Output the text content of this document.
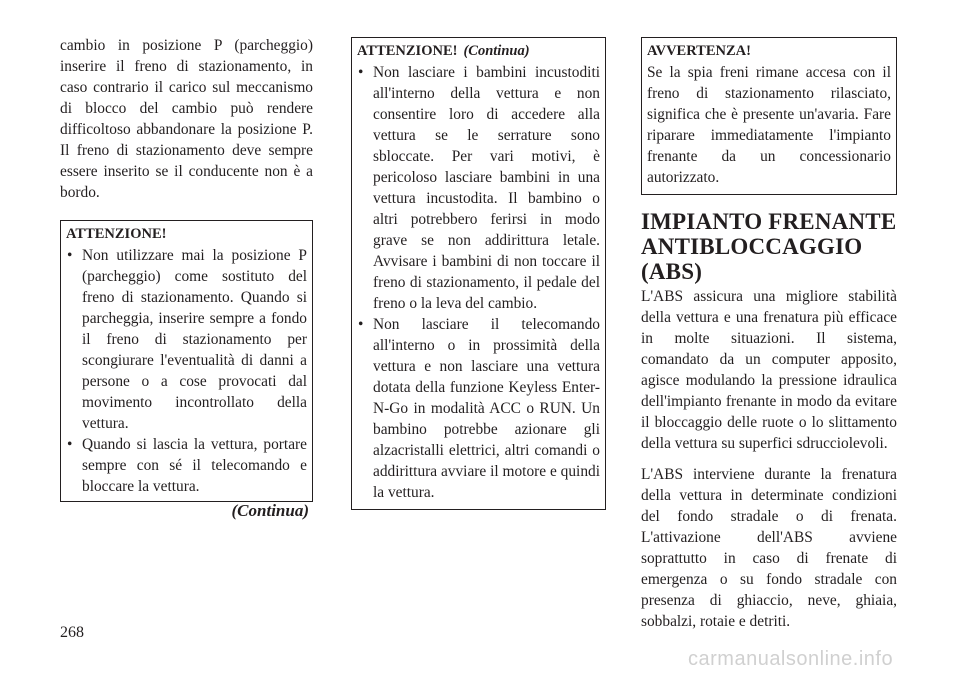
cambio in posizione P (parcheggio) inserire il freno di stazionamento, in caso contrario il carico sul meccanismo di blocco del cambio può rendere difficoltoso abbandonare la posizione P. Il freno di stazionamento deve sempre essere inserito se il conducente non è a bordo.

ATTENZIONE!
• Non utilizzare mai la posizione P (parcheggio) come sostituto del freno di stazionamento. Quando si parcheggia, inserire sempre a fondo il freno di stazionamento per scongiurare l'eventualità di danni a persone o a cose provocati dal movimento incontrollato della vettura.
• Quando si lascia la vettura, portare sempre con sé il telecomando e bloccare la vettura.
(Continua)
ATTENZIONE! (Continua)
• Non lasciare i bambini incustoditi all'interno della vettura e non consentire loro di accedere alla vettura se le serrature sono sbloccate. Per vari motivi, è pericoloso lasciare bambini in una vettura incustodita. Il bambino o altri potrebbero ferirsi in modo grave se non addirittura letale. Avvisare i bambini di non toccare il freno di stazionamento, il pedale del freno o la leva del cambio.
• Non lasciare il telecomando all'interno o in prossimità della vettura e non lasciare una vettura dotata della funzione Keyless Enter-N-Go in modalità ACC o RUN. Un bambino potrebbe azionare gli alzacristalli elettrici, altri comandi o addirittura avviare il motore e quindi la vettura.
AVVERTENZA!

Se la spia freni rimane accesa con il freno di stazionamento rilasciato, significa che è presente un'avaria. Fare riparare immediatamente l'impianto frenante da un concessionario autorizzato.

IMPIANTO FRENANTE ANTIBLOCCAGGIO (ABS)

L'ABS assicura una migliore stabilità della vettura e una frenatura più efficace in molte situazioni. Il sistema, comandato da un computer apposito, agisce modulando la pressione idraulica dell'impianto frenante in modo da evitare il bloccaggio delle ruote o lo slittamento della vettura su superfici sdrucciolevoli.

L'ABS interviene durante la frenatura della vettura in determinate condizioni del fondo stradale o di frenata. L'attivazione dell'ABS avviene soprattutto in caso di frenate di emergenza o su fondo stradale con presenza di ghiaccio, neve, ghiaia, sobbalzi, rotaie e detriti.

268
carmanualsonline.info
